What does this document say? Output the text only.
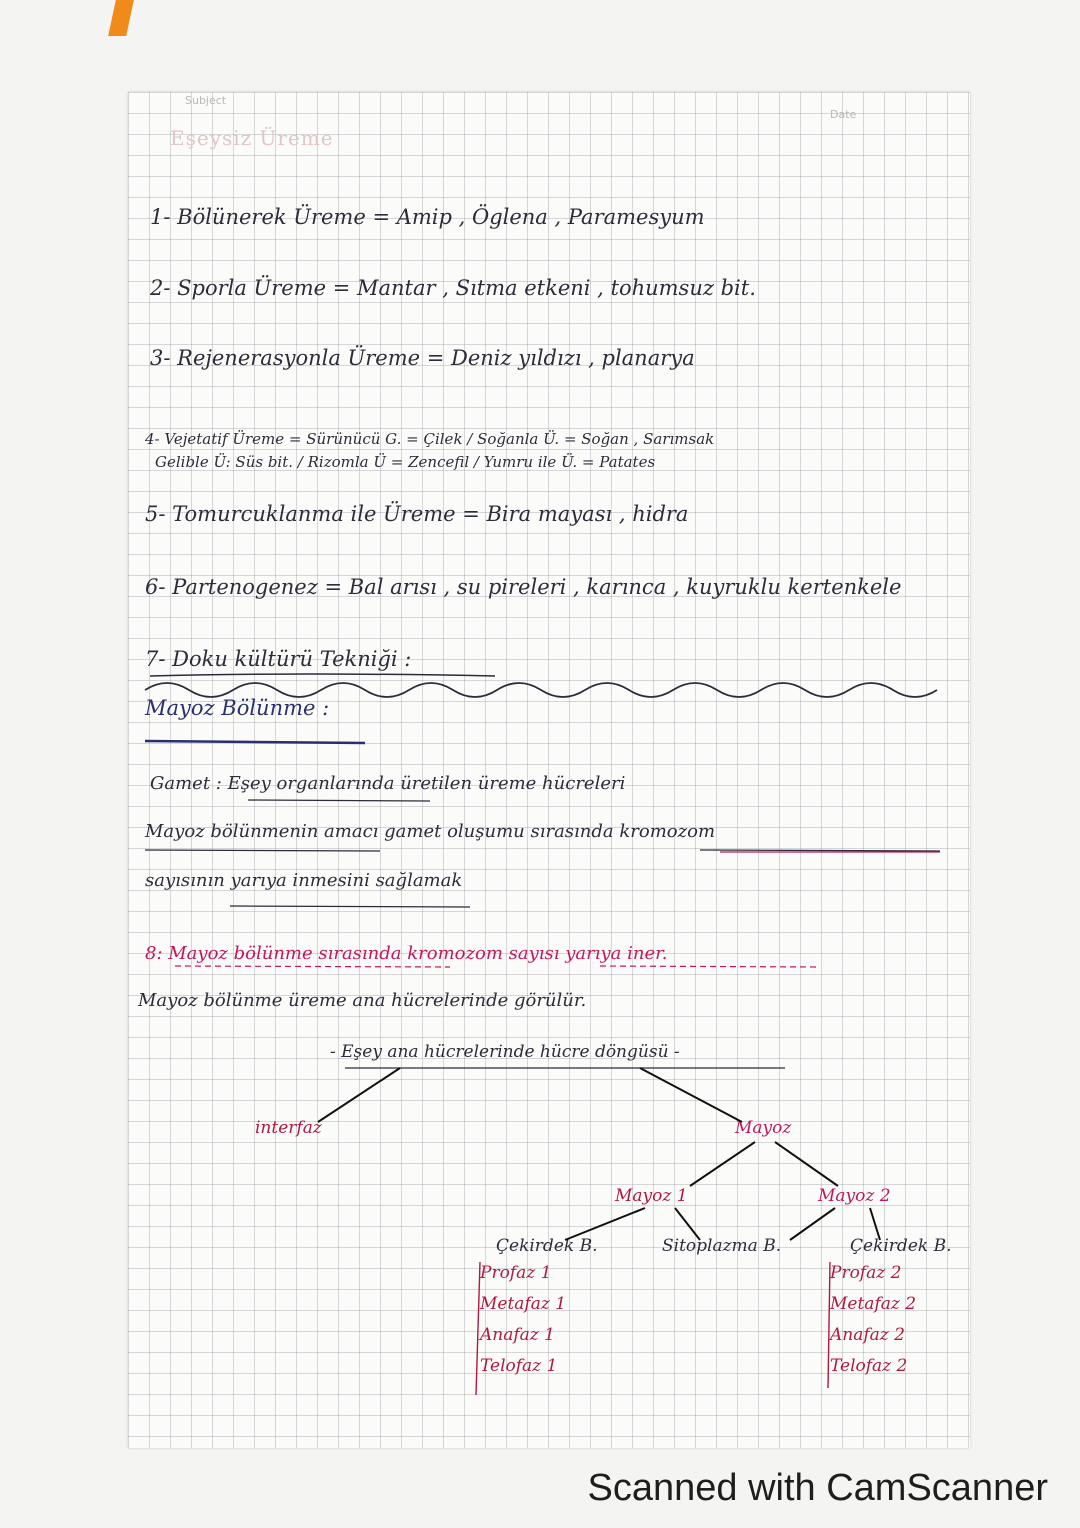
Subject
Date
Eşeysiz Üreme
1- Bölünerek Üreme = Amip , Öglena , Paramesyum
2- Sporla Üreme = Mantar , Sıtma etkeni , tohumsuz bit.
3- Rejenerasyonla Üreme = Deniz yıldızı , planarya
4- Vejetatif Üreme = Sürünücü G. = Çilek / Soğanla Ü. = Soğan , Sarımsak
Gelible Ü: Süs bit. / Rizomla Ü = Zencefil / Yumru ile Ü. = Patates
5- Tomurcuklanma ile Üreme = Bira mayası , hidra
6- Partenogenez = Bal arısı , su pireleri , karınca , kuyruklu kertenkele
7- Doku kültürü Tekniği :
Mayoz Bölünme :
Gamet : Eşey organlarında üretilen üreme hücreleri
Mayoz bölünmenin amacı gamet oluşumu sırasında kromozom
sayısının yarıya inmesini sağlamak
8: Mayoz bölünme sırasında kromozom sayısı yarıya iner.
Mayoz bölünme üreme ana hücrelerinde görülür.
- Eşey ana hücrelerinde hücre döngüsü -
interfaz	Mayoz
Mayoz 1	Mayoz 2
Çekirdek B.	Sitoplazma B.	Çekirdek B.
Profaz 1
Metafaz 1
Anafaz 1
Telofaz 1
Profaz 2
Metafaz 2
Anafaz 2
Telofaz 2
Scanned with CamScanner
